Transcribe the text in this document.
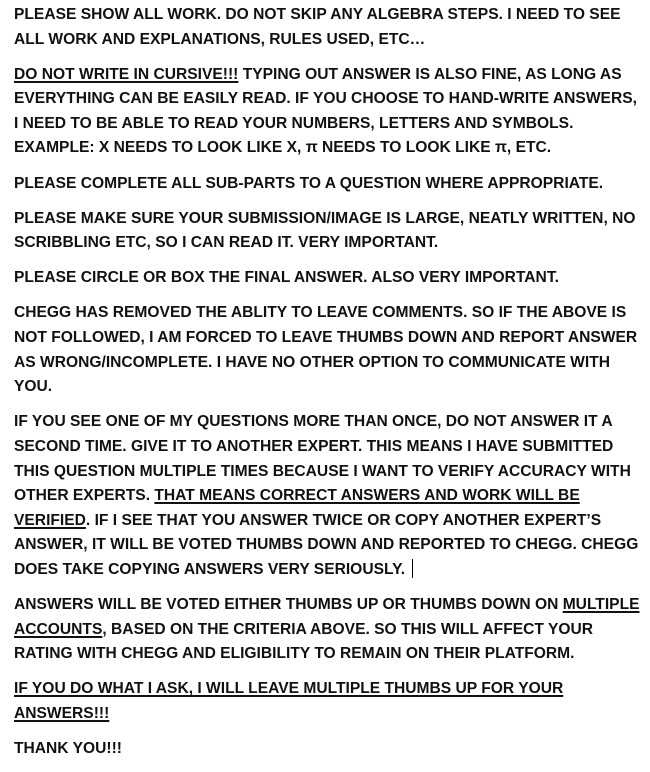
PLEASE SHOW ALL WORK. DO NOT SKIP ANY ALGEBRA STEPS. I NEED TO SEE ALL WORK AND EXPLANATIONS, RULES USED, ETC…

DO NOT WRITE IN CURSIVE!!! TYPING OUT ANSWER IS ALSO FINE, AS LONG AS EVERYTHING CAN BE EASILY READ. IF YOU CHOOSE TO HAND-WRITE ANSWERS, I NEED TO BE ABLE TO READ YOUR NUMBERS, LETTERS AND SYMBOLS. EXAMPLE: X NEEDS TO LOOK LIKE X, π NEEDS TO LOOK LIKE π, ETC.

PLEASE COMPLETE ALL SUB-PARTS TO A QUESTION WHERE APPROPRIATE.

PLEASE MAKE SURE YOUR SUBMISSION/IMAGE IS LARGE, NEATLY WRITTEN, NO SCRIBBLING ETC, SO I CAN READ IT. VERY IMPORTANT.

PLEASE CIRCLE OR BOX THE FINAL ANSWER. ALSO VERY IMPORTANT.

CHEGG HAS REMOVED THE ABLITY TO LEAVE COMMENTS. SO IF THE ABOVE IS NOT FOLLOWED, I AM FORCED TO LEAVE THUMBS DOWN AND REPORT ANSWER AS WRONG/INCOMPLETE. I HAVE NO OTHER OPTION TO COMMUNICATE WITH YOU.

IF YOU SEE ONE OF MY QUESTIONS MORE THAN ONCE, DO NOT ANSWER IT A SECOND TIME. GIVE IT TO ANOTHER EXPERT. THIS MEANS I HAVE SUBMITTED THIS QUESTION MULTIPLE TIMES BECAUSE I WANT TO VERIFY ACCURACY WITH OTHER EXPERTS. THAT MEANS CORRECT ANSWERS AND WORK WILL BE VERIFIED. IF I SEE THAT YOU ANSWER TWICE OR COPY ANOTHER EXPERT’S ANSWER, IT WILL BE VOTED THUMBS DOWN AND REPORTED TO CHEGG. CHEGG DOES TAKE COPYING ANSWERS VERY SERIOUSLY.

ANSWERS WILL BE VOTED EITHER THUMBS UP OR THUMBS DOWN ON MULTIPLE ACCOUNTS, BASED ON THE CRITERIA ABOVE. SO THIS WILL AFFECT YOUR RATING WITH CHEGG AND ELIGIBILITY TO REMAIN ON THEIR PLATFORM.

IF YOU DO WHAT I ASK, I WILL LEAVE MULTIPLE THUMBS UP FOR YOUR ANSWERS!!!

THANK YOU!!!
